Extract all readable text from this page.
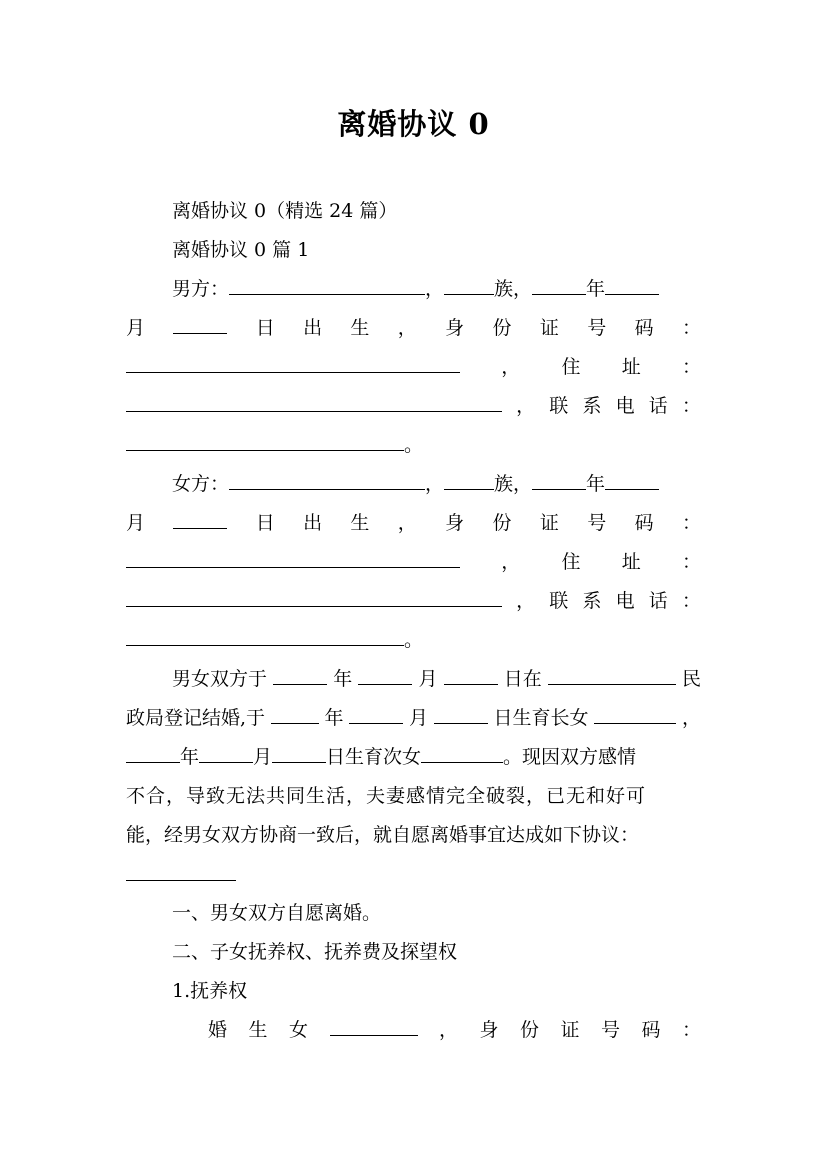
离婚协议 0
离婚协议 0（精选 24 篇）
离婚协议 0 篇 1
男方：	，	族，	年
月	日 出 生 ， 身 份 证 号 码 ：
， 住 址 ：
， 联 系 电 话 ：
。
女方：	，	族，	年
月	日 出 生 ， 身 份 证 号 码 ：
， 住 址 ：
， 联 系 电 话 ：
。
男女双方于	年	月	日在	民
政局登记结婚,于	年	月	日生育长女	，
年	月	日生育次女	。现因双方感情
不合，导致无法共同生活，夫妻感情完全破裂，已无和好可
能，经男女双方协商一致后，就自愿离婚事宜达成如下协议：
一、男女双方自愿离婚。
二、子女抚养权、抚养费及探望权
1.抚养权
婚 生 女	， 身 份 证 号 码 ：
